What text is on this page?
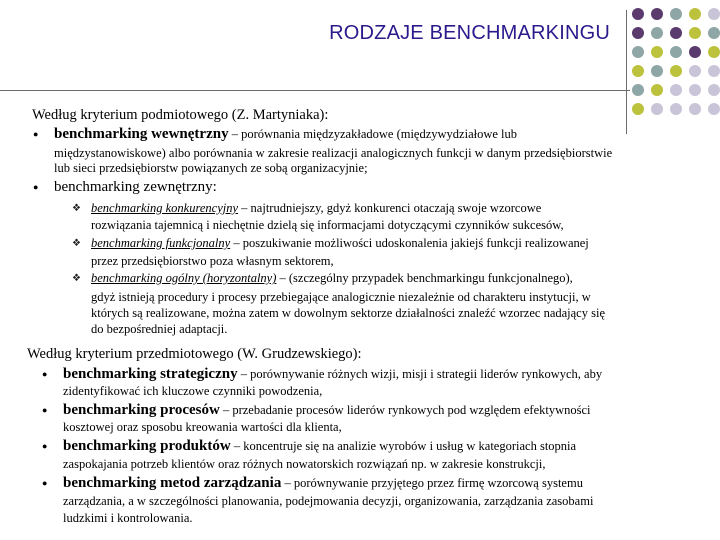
RODZAJE BENCHMARKINGU
Według kryterium podmiotowego (Z. Martyniaka):
● benchmarking wewnętrzny – porównania międzyzakładowe (międzywydziałowe lub
międzystanowiskowe) albo porównania w zakresie realizacji analogicznych funkcji w danym przedsiębiorstwie
lub sieci przedsiębiorstw powiązanych ze sobą organizacyjnie;
● benchmarking zewnętrzny:
❖ benchmarking konkurencyjny – najtrudniejszy, gdyż konkurenci otaczają swoje wzorcowe
rozwiązania tajemnicą i niechętnie dzielą się informacjami dotyczącymi czynników sukcesów,
❖ benchmarking funkcjonalny – poszukiwanie możliwości udoskonalenia jakiejś funkcji realizowanej
przez przedsiębiorstwo poza własnym sektorem,
❖ benchmarking ogólny (horyzontalny) – (szczególny przypadek benchmarkingu funkcjonalnego),
gdyż istnieją procedury i procesy przebiegające analogicznie niezależnie od charakteru instytucji, w
których są realizowane, można zatem w dowolnym sektorze działalności znaleźć wzorzec nadający się
do bezpośredniej adaptacji.
Według kryterium przedmiotowego (W. Grudzewskiego):
● benchmarking strategiczny – porównywanie różnych wizji, misji i strategii liderów rynkowych, aby
zidentyfikować ich kluczowe czynniki powodzenia,
● benchmarking procesów – przebadanie procesów liderów rynkowych pod względem efektywności
kosztowej oraz sposobu kreowania wartości dla klienta,
● benchmarking produktów – koncentruje się na analizie wyrobów i usług w kategoriach stopnia
zaspokajania potrzeb klientów oraz różnych nowatorskich rozwiązań np. w zakresie konstrukcji,
● benchmarking metod zarządzania – porównywanie przyjętego przez firmę wzorcową systemu
zarządzania, a w szczególności planowania, podejmowania decyzji, organizowania, zarządzania zasobami
ludzkimi i kontrolowania.
